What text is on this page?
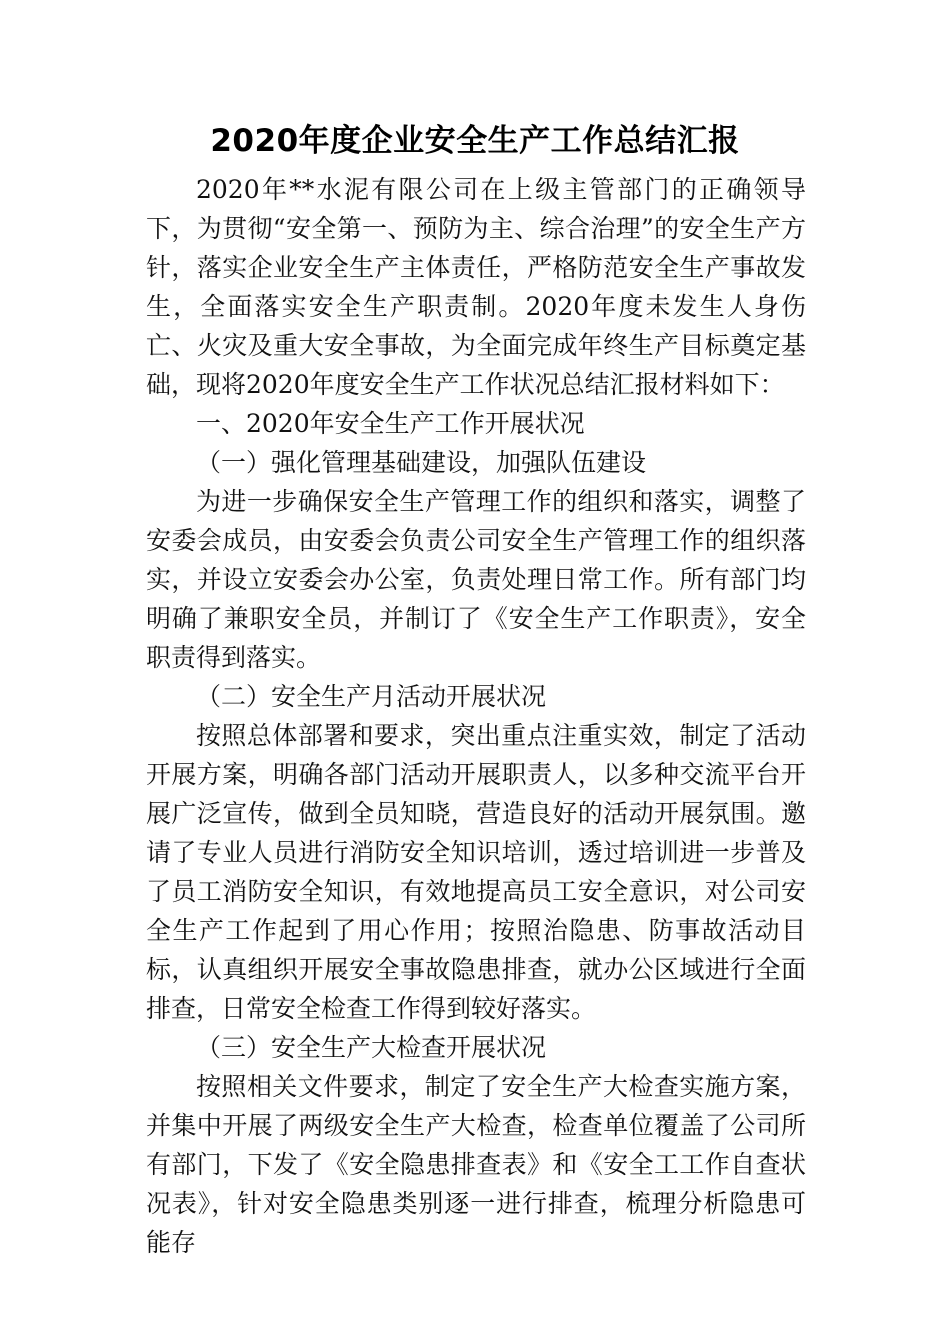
2020年度企业安全生产工作总结汇报

2020年**水泥有限公司在上级主管部门的正确领导下，为贯彻“安全第一、预防为主、综合治理”的安全生产方针，落实企业安全生产主体责任，严格防范安全生产事故发生，全面落实安全生产职责制。2020年度未发生人身伤亡、火灾及重大安全事故，为全面完成年终生产目标奠定基础，现将2020年度安全生产工作状况总结汇报材料如下：

一、2020年安全生产工作开展状况

（一）强化管理基础建设，加强队伍建设

为进一步确保安全生产管理工作的组织和落实，调整了安委会成员，由安委会负责公司安全生产管理工作的组织落实，并设立安委会办公室，负责处理日常工作。所有部门均明确了兼职安全员，并制订了《安全生产工作职责》，安全职责得到落实。

（二）安全生产月活动开展状况

按照总体部署和要求，突出重点注重实效，制定了活动开展方案，明确各部门活动开展职责人，以多种交流平台开展广泛宣传，做到全员知晓，营造良好的活动开展氛围。邀请了专业人员进行消防安全知识培训，透过培训进一步普及了员工消防安全知识，有效地提高员工安全意识，对公司安全生产工作起到了用心作用；按照治隐患、防事故活动目标，认真组织开展安全事故隐患排查，就办公区域进行全面排查，日常安全检查工作得到较好落实。

（三）安全生产大检查开展状况

按照相关文件要求，制定了安全生产大检查实施方案，并集中开展了两级安全生产大检查，检查单位覆盖了公司所有部门，下发了《安全隐患排查表》和《安全工工作自查状况表》，针对安全隐患类别逐一进行排查，梳理分析隐患可能存
